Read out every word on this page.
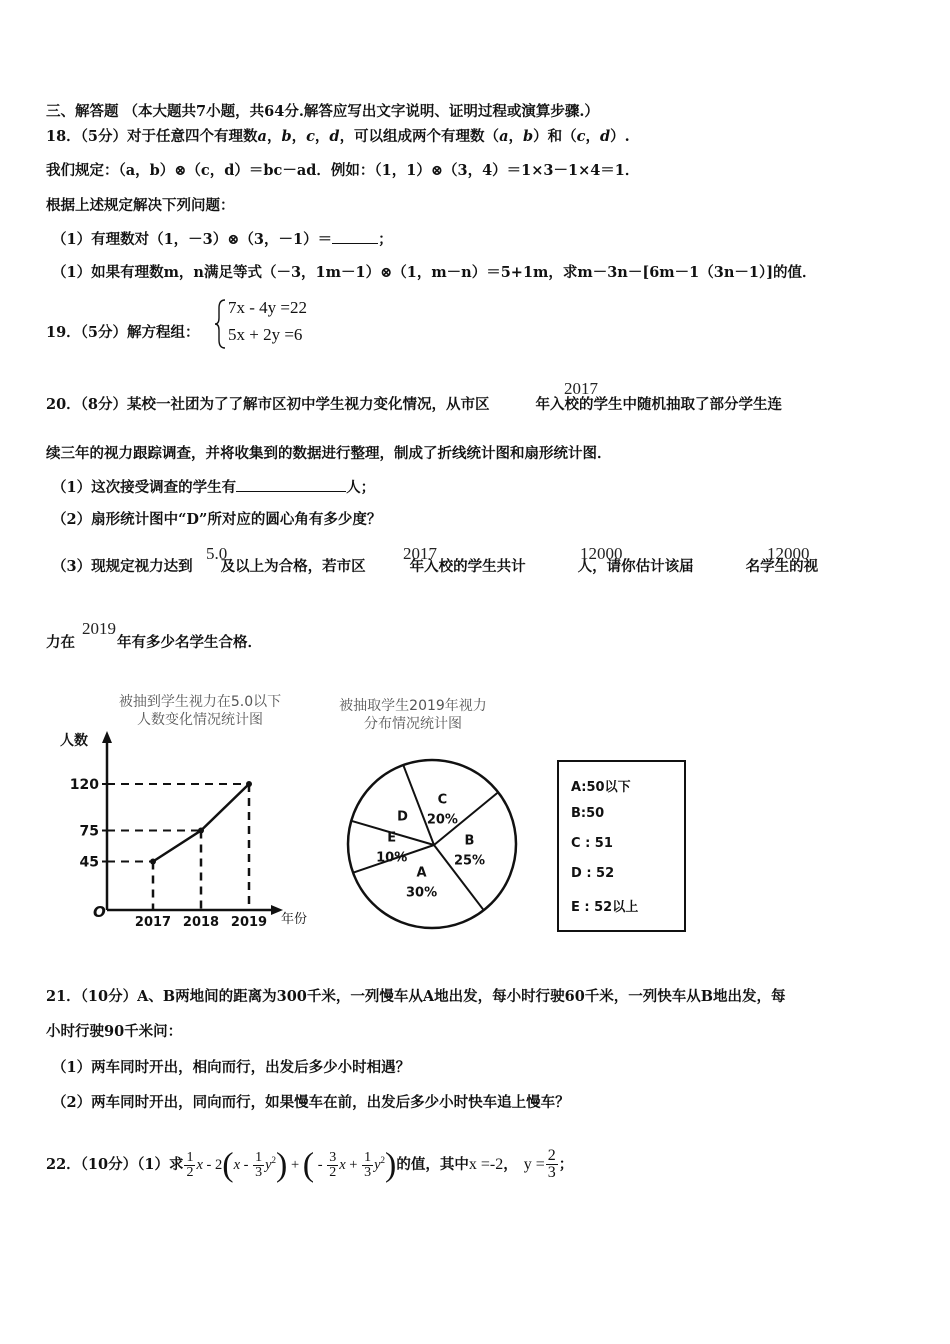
三、解答题 （本大题共7小题，共64分.解答应写出文字说明、证明过程或演算步骤.）
18．（5分）对于任意四个有理数a，b，c，d，可以组成两个有理数（a，b）和（c，d）.
我们规定：（a，b）⊗（c，d）＝bc－ad．例如：（1，1）⊗（3，4）＝1×3－1×4＝1．
根据上述规定解决下列问题：
（1）有理数对（1，－3）⊗（3，－1）＝	；
（1）如果有理数m，n满足等式（－3，1m－1）⊗（1，m－n）＝5+1m，求m－3n－[6m－1（3n－1）]的值．
19．（5分）解方程组：
7x - 4y =22
5x + 2y =6
20．（8分）某校一社团为了了解市区初中学生视力变化情况，从市区	年入校的学生中随机抽取了部分学生连
2017
续三年的视力跟踪调查，并将收集到的数据进行整理，制成了折线统计图和扇形统计图．
（1）这次接受调查的学生有	人；
（2）扇形统计图中“D”所对应的圆心角有多少度？
（3）现规定视力达到 及以上为合格，若市区	年入校的学生共计	人，请你估计该届	名学生的视
5.0	2017	12000	12000
力在	年有多少名学生合格．
2019
被抽到学生视力在5.0以下
人数变化情况统计图
人数
年份
O
45
75
120
2017 2018 2019
被抽取学生2019年视力
分布情况统计图
C
20%
B
25%
A
30%
E
10%
D
A:50以下
B:50
C : 51
D : 52
E : 52以上
21．（10分）A、B两地间的距离为300千米，一列慢车从A地出发，每小时行驶60千米，一列快车从B地出发，每
小时行驶90千米问：
（1）两车同时开出，相向而行，出发后多少小时相遇？
（2）两车同时开出，同向而行，如果慢车在前，出发后多少小时快车追上慢车？
22．（10分）（1）求 $\frac{1}{2}$ x - $2(x - \frac{1}{3} y^2)$ + ( - $\frac{3}{2}$ $x + \frac{1}{3} y^2$)的值，其中x =-2， $y = \frac{2}{3}$ ；
